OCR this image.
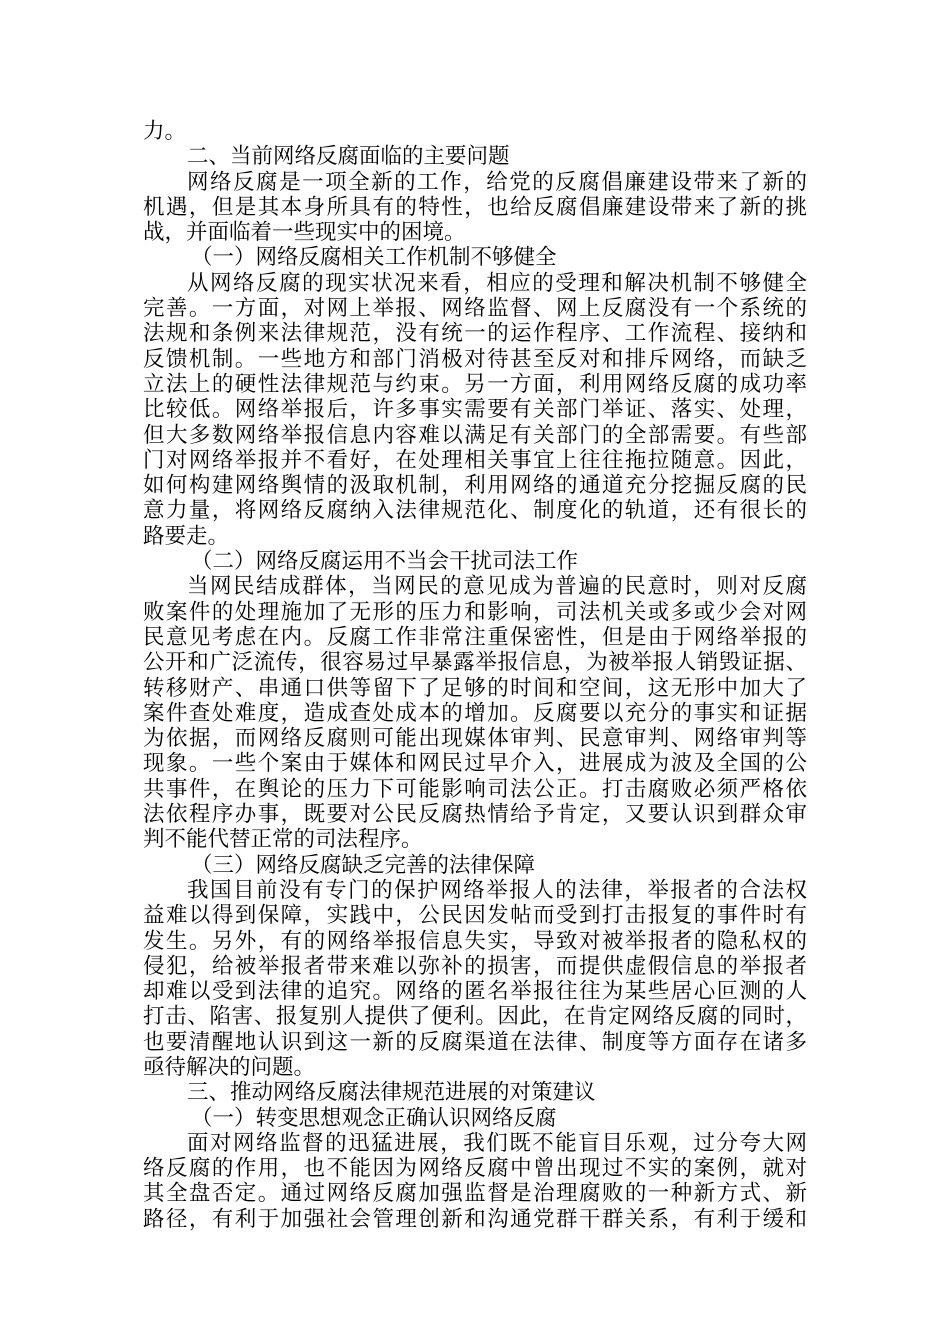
力。
二、当前网络反腐面临的主要问题
网络反腐是一项全新的工作，给党的反腐倡廉建设带来了新的
机遇，但是其本身所具有的特性，也给反腐倡廉建设带来了新的挑
战，并面临着一些现实中的困境。
（一）网络反腐相关工作机制不够健全
从网络反腐的现实状况来看，相应的受理和解决机制不够健全
完善。一方面，对网上举报、网络监督、网上反腐没有一个系统的
法规和条例来法律规范，没有统一的运作程序、工作流程、接纳和
反馈机制。一些地方和部门消极对待甚至反对和排斥网络，而缺乏
立法上的硬性法律规范与约束。另一方面，利用网络反腐的成功率
比较低。网络举报后，许多事实需要有关部门举证、落实、处理，
但大多数网络举报信息内容难以满足有关部门的全部需要。有些部
门对网络举报并不看好，在处理相关事宜上往往拖拉随意。因此，
如何构建网络舆情的汲取机制，利用网络的通道充分挖掘反腐的民
意力量，将网络反腐纳入法律规范化、制度化的轨道，还有很长的
路要走。
（二）网络反腐运用不当会干扰司法工作
当网民结成群体，当网民的意见成为普遍的民意时，则对反腐
败案件的处理施加了无形的压力和影响，司法机关或多或少会对网
民意见考虑在内。反腐工作非常注重保密性，但是由于网络举报的
公开和广泛流传，很容易过早暴露举报信息，为被举报人销毁证据、
转移财产、串通口供等留下了足够的时间和空间，这无形中加大了
案件查处难度，造成查处成本的增加。反腐要以充分的事实和证据
为依据，而网络反腐则可能出现媒体审判、民意审判、网络审判等
现象。一些个案由于媒体和网民过早介入，进展成为波及全国的公
共事件，在舆论的压力下可能影响司法公正。打击腐败必须严格依
法依程序办事，既要对公民反腐热情给予肯定，又要认识到群众审
判不能代替正常的司法程序。
（三）网络反腐缺乏完善的法律保障
我国目前没有专门的保护网络举报人的法律，举报者的合法权
益难以得到保障，实践中，公民因发帖而受到打击报复的事件时有
发生。另外，有的网络举报信息失实，导致对被举报者的隐私权的
侵犯，给被举报者带来难以弥补的损害，而提供虚假信息的举报者
却难以受到法律的追究。网络的匿名举报往往为某些居心叵测的人
打击、陷害、报复别人提供了便利。因此，在肯定网络反腐的同时，
也要清醒地认识到这一新的反腐渠道在法律、制度等方面存在诸多
亟待解决的问题。
三、推动网络反腐法律规范进展的对策建议
（一）转变思想观念正确认识网络反腐
面对网络监督的迅猛进展，我们既不能盲目乐观，过分夸大网
络反腐的作用，也不能因为网络反腐中曾出现过不实的案例，就对
其全盘否定。通过网络反腐加强监督是治理腐败的一种新方式、新
路径，有利于加强社会管理创新和沟通党群干群关系，有利于缓和
